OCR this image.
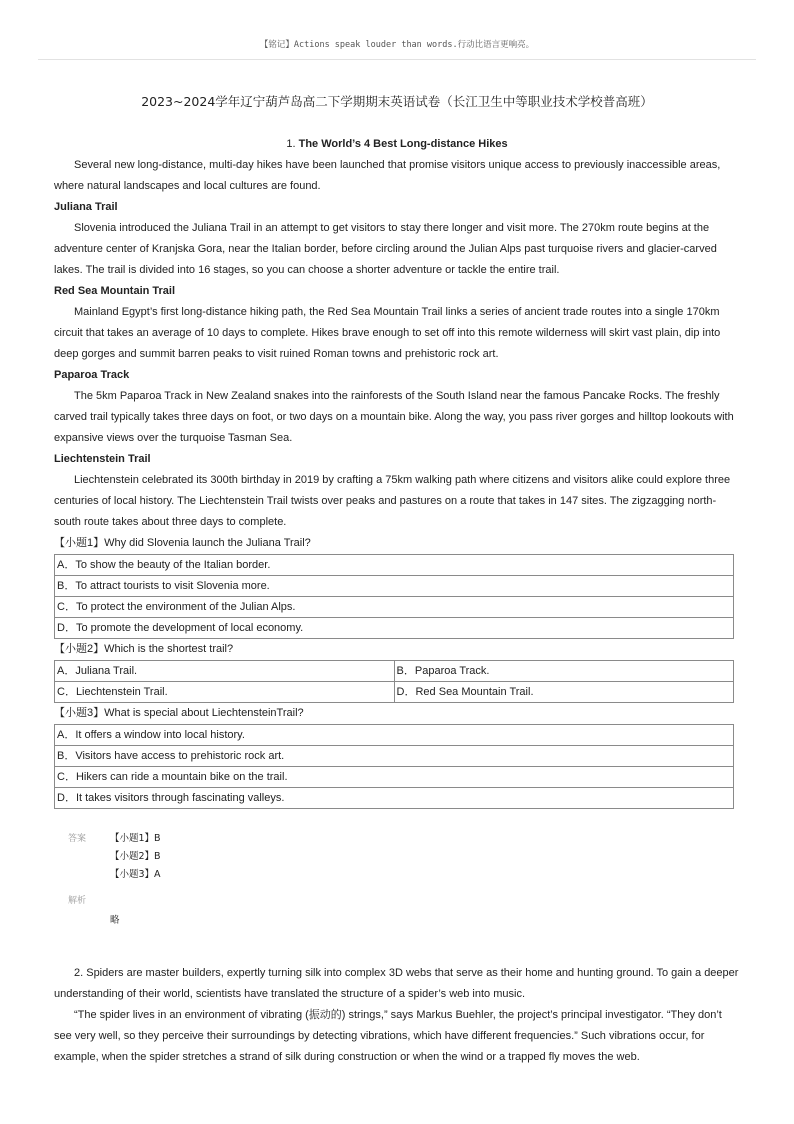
【铭记】Actions speak louder than words.行动比语言更响亮。
2023~2024学年辽宁葫芦岛高二下学期期末英语试卷（长江卫生中等职业技术学校普高班）
1. The World’s 4 Best Long-distance Hikes

Several new long-distance, multi-day hikes have been launched that promise visitors unique access to previously inaccessible areas, where natural landscapes and local cultures are found.

Juliana Trail

Slovenia introduced the Juliana Trail in an attempt to get visitors to stay there longer and visit more. The 270km route begins at the adventure center of Kranjska Gora, near the Italian border, before circling around the Julian Alps past turquoise rivers and glacier-carved lakes. The trail is divided into 16 stages, so you can choose a shorter adventure or tackle the entire trail.

Red Sea Mountain Trail

Mainland Egypt’s first long-distance hiking path, the Red Sea Mountain Trail links a series of ancient trade routes into a single 170km circuit that takes an average of 10 days to complete. Hikes brave enough to set off into this remote wilderness will skirt vast plain, dip into deep gorges and summit barren peaks to visit ruined Roman towns and prehistoric rock art.

Paparoa Track

The 5km Paparoa Track in New Zealand snakes into the rainforests of the South Island near the famous Pancake Rocks. The freshly carved trail typically takes three days on foot, or two days on a mountain bike. Along the way, you pass river gorges and hilltop lookouts with expansive views over the turquoise Tasman Sea.

Liechtenstein Trail

Liechtenstein celebrated its 300th birthday in 2019 by crafting a 75km walking path where citizens and visitors alike could explore three centuries of local history. The Liechtenstein Trail twists over peaks and pastures on a route that takes in 147 sites. The zigzagging north-south route takes about three days to complete.

【小题1】Why did Slovenia launch the Juliana Trail?

A．To show the beauty of the Italian border.
B．To attract tourists to visit Slovenia more.
C．To protect the environment of the Julian Alps.
D．To promote the development of local economy.

【小题2】Which is the shortest trail?

A．Juliana Trail.	B．Paparoa Track.
C．Liechtenstein Trail.	D．Red Sea Mountain Trail.

【小题3】What is special about LiechtensteinTrail?

A．It offers a window into local history.
B．Visitors have access to prehistoric rock art.
C．Hikers can ride a mountain bike on the trail.
D．It takes visitors through fascinating valleys.
答案	【小题1】B
【小题2】B
【小题3】A
解析
略

2. Spiders are master builders, expertly turning silk into complex 3D webs that serve as their home and hunting ground. To gain a deeper understanding of their world, scientists have translated the structure of a spider’s web into music.

“The spider lives in an environment of vibrating (振动的) strings,” says Markus Buehler, the project’s principal investigator. “They don’t see very well, so they perceive their surroundings by detecting vibrations, which have different frequencies.” Such vibrations occur, for example, when the spider stretches a strand of silk during construction or when the wind or a trapped fly moves the web.
